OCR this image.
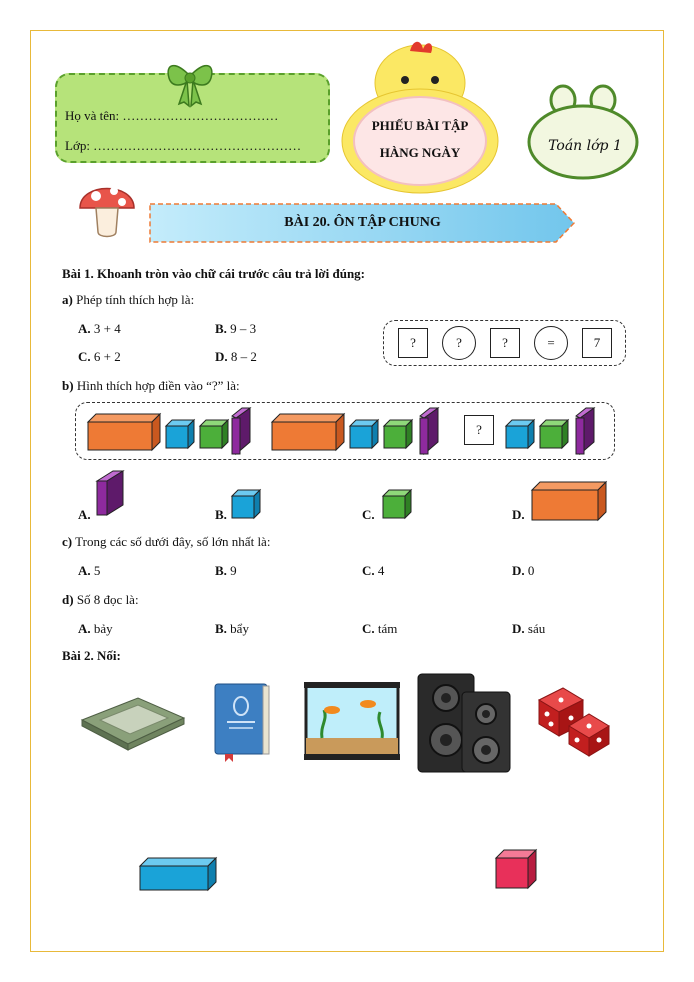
Họ và tên: ………………………………
Lớp: …………………………………………
PHIẾU BÀI TẬP
HÀNG NGÀY	Toán lớp 1
BÀI 20. ÔN TẬP CHUNG
Bài 1. Khoanh tròn vào chữ cái trước câu trả lời đúng:
a) Phép tính thích hợp là:
A. 3 + 4	B. 9 – 3
C. 6 + 2	D. 8 – 2
?	?	?	=	7
b) Hình thích hợp điền vào “?” là:
?
A.	B.	C.	D.
c) Trong các số dưới đây, số lớn nhất là:
A. 5	B. 9	C. 4	D. 0
d) Số 8 đọc là:
A. bảy	B. bẩy	C. tám	D. sáu
Bài 2. Nối:
